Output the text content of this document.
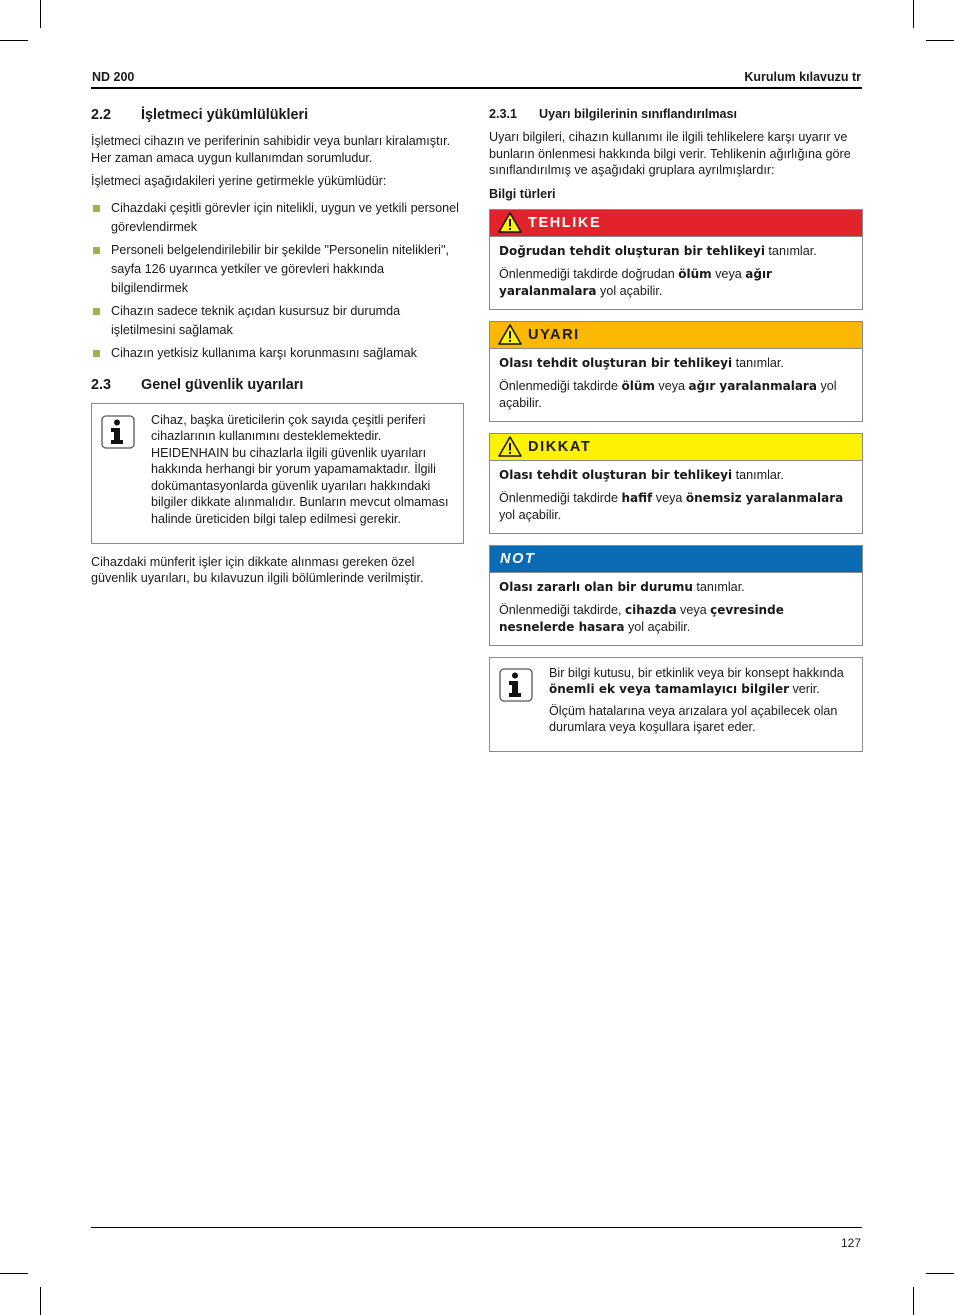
ND 200	Kurulum kılavuzu tr
2.2	İşletmeci yükümlülükleri

İşletmeci cihazın ve periferinin sahibidir veya bunları kiralamıştır. Her zaman amaca uygun kullanımdan sorumludur.

İşletmeci aşağıdakileri yerine getirmekle yükümlüdür:

Cihazdaki çeşitli görevler için nitelikli, uygun ve yetkili personel görevlendirmek
Personeli belgelendirilebilir bir şekilde "Personelin nitelikleri", sayfa 126 uyarınca yetkiler ve görevleri hakkında bilgilendirmek
Cihazın sadece teknik açıdan kusursuz bir durumda işletilmesini sağlamak
Cihazın yetkisiz kullanıma karşı korunmasını sağlamak
2.3	Genel güvenlik uyarıları

Cihaz, başka üreticilerin çok sayıda çeşitli periferi cihazlarının kullanımını desteklemektedir. HEIDENHAIN bu cihazlarla ilgili güvenlik uyarıları hakkında herhangi bir yorum yapamamaktadır. İlgili dokümantasyonlarda güvenlik uyarıları hakkındaki bilgiler dikkate alınmalıdır. Bunların mevcut olmaması halinde üreticiden bilgi talep edilmesi gerekir.

Cihazdaki münferit işler için dikkate alınması gereken özel güvenlik uyarıları, bu kılavuzun ilgili bölümlerinde verilmiştir.

2.3.1	Uyarı bilgilerinin sınıflandırılması

Uyarı bilgileri, cihazın kullanımı ile ilgili tehlikelere karşı uyarır ve bunların önlenmesi hakkında bilgi verir. Tehlikenin ağırlığına göre sınıflandırılmış ve aşağıdaki gruplara ayrılmışlardır:

Bilgi türleri
TEHLIKE

Doğrudan tehdit oluşturan bir tehlikeyi tanımlar.

Önlenmediği takdirde doğrudan ölüm veya ağır yaralanmalara yol açabilir.

UYARI

Olası tehdit oluşturan bir tehlikeyi tanımlar.

Önlenmediği takdirde ölüm veya ağır yaralanmalara yol açabilir.

DIKKAT

Olası tehdit oluşturan bir tehlikeyi tanımlar.

Önlenmediği takdirde hafif veya önemsiz yaralanmalara yol açabilir.

NOT

Olası zararlı olan bir durumu tanımlar.

Önlenmediği takdirde, cihazda veya çevresinde nesnelerde hasara yol açabilir.

Bir bilgi kutusu, bir etkinlik veya bir konsept hakkında önemli ek veya tamamlayıcı bilgiler verir.

Ölçüm hatalarına veya arızalara yol açabilecek olan durumlara veya koşullara işaret eder.

127
